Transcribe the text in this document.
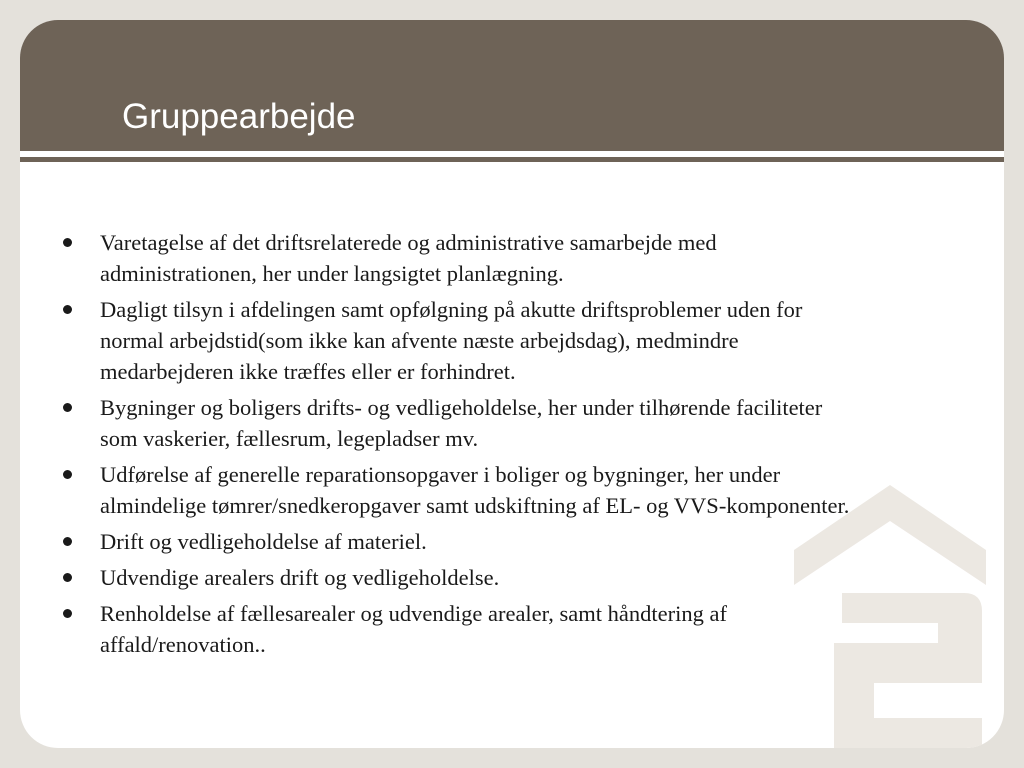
Gruppearbejde
Varetagelse af det driftsrelaterede og administrative samarbejde med administrationen, her under langsigtet planlægning.
Dagligt tilsyn i afdelingen samt opfølgning på akutte driftsproblemer uden for normal arbejdstid(som ikke kan afvente næste arbejdsdag), medmindre medarbejderen ikke træffes eller er forhindret.
Bygninger og boligers drifts- og vedligeholdelse, her under tilhørende faciliteter som vaskerier, fællesrum, legepladser mv.
Udførelse af generelle reparationsopgaver i boliger og bygninger, her under almindelige tømrer/snedkeropgaver samt udskiftning af EL- og VVS-komponenter.
Drift og vedligeholdelse af materiel.
Udvendige arealers drift og vedligeholdelse.
Renholdelse af fællesarealer og udvendige arealer, samt håndtering af affald/renovation..
